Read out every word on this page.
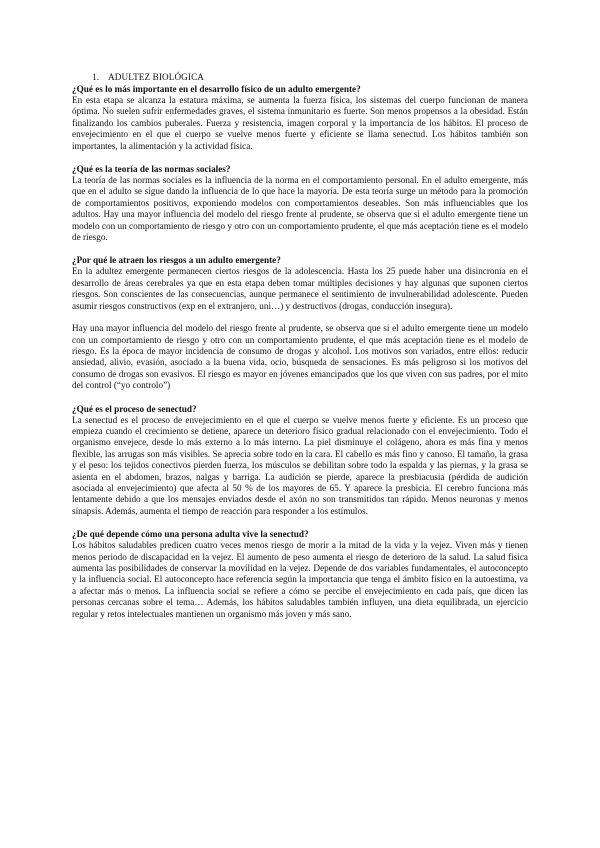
1. ADULTEZ BIOLÓGICA

¿Qué es lo más importante en el desarrollo físico de un adulto emergente?

En esta etapa se alcanza la estatura máxima, se aumenta la fuerza física, los sistemas del cuerpo funcionan de manera óptima. No suelen sufrir enfermedades graves, el sistema inmunitario es fuerte. Son menos propensos a la obesidad. Están finalizando los cambios puberales. Fuerza y resistencia, imagen corporal y la importancia de los hábitos. El proceso de envejecimiento en el que el cuerpo se vuelve menos fuerte y eficiente se llama senectud. Los hábitos también son importantes, la alimentación y la actividad física.

¿Qué es la teoría de las normas sociales?

La teoría de las normas sociales es la influencia de la norma en el comportamiento personal. En el adulto emergente, más que en el adulto se sigue dando la influencia de lo que hace la mayoría. De esta teoría surge un método para la promoción de comportamientos positivos, exponiendo modelos con comportamientos deseables. Son más influenciables que los adultos. Hay una mayor influencia del modelo del riesgo frente al prudente, se observa que si el adulto emergente tiene un modelo con un comportamiento de riesgo y otro con un comportamiento prudente, el que más aceptación tiene es el modelo de riesgo.

¿Por qué le atraen los riesgos a un adulto emergente?

En la adultez emergente permanecen ciertos riesgos de la adolescencia. Hasta los 25 puede haber una disincronía en el desarrollo de áreas cerebrales ya que en esta etapa deben tomar múltiples decisiones y hay algunas que suponen ciertos riesgos. Son conscientes de las consecuencias, aunque permanece el sentimiento de invulnerabilidad adolescente. Pueden asumir riesgos constructivos (exp en el extranjero, uni…) y destructivos (drogas, conducción insegura).

Hay una mayor influencia del modelo del riesgo frente al prudente, se observa que si el adulto emergente tiene un modelo con un comportamiento de riesgo y otro con un comportamiento prudente, el que más aceptación tiene es el modelo de riesgo. Es la época de mayor incidencia de consumo de drogas y alcohol. Los motivos son variados, entre ellos: reducir ansiedad, alivio, evasión, asociado a la buena vida, ocio, búsqueda de sensaciones. Es más peligroso si los motivos del consumo de drogas son evasivos. El riesgo es mayor en jóvenes emancipados que los que viven con sus padres, por el mito del control (“yo controlo”)

¿Qué es el proceso de senectud?

La senectud es el proceso de envejecimiento en el que el cuerpo se vuelve menos fuerte y eficiente. Es un proceso que empieza cuando el crecimiento se detiene, aparece un deterioro físico gradual relacionado con el envejecimiento. Todo el organismo envejece, desde lo más externo a lo más interno. La piel disminuye el colágeno, ahora es más fina y menos flexible, las arrugas son más visibles. Se aprecia sobre todo en la cara. El cabello es más fino y canoso. El tamaño, la grasa y el peso: los tejidos conectivos pierden fuerza, los músculos se debilitan sobre todo la espalda y las piernas, y la grasa se asienta en el abdomen, brazos, nalgas y barriga. La audición se pierde, aparece la presbiacusia (pérdida de audición asociada al envejecimiento) que afecta al 50 % de los mayores de 65. Y aparece la presbicia. El cerebro funciona más lentamente debido a que los mensajes enviados desde el axón no son transmitidos tan rápido. Menos neuronas y menos sinapsis. Además, aumenta el tiempo de reacción para responder a los estímulos.

¿De qué depende cómo una persona adulta vive la senectud?

Los hábitos saludables predicen cuatro veces menos riesgo de morir a la mitad de la vida y la vejez. Viven más y tienen menos periodo de discapacidad en la vejez. El aumento de peso aumenta el riesgo de deterioro de la salud. La salud física aumenta las posibilidades de conservar la movilidad en la vejez. Depende de dos variables fundamentales, el autoconcepto y la influencia social. El autoconcepto hace referencia según la importancia que tenga el ámbito físico en la autoestima, va a afectar más o menos. La influencia social se refiere a cómo se percibe el envejecimiento en cada país, que dicen las personas cercanas sobre el tema… Además, los hábitos saludables también influyen, una dieta equilibrada, un ejercicio regular y retos intelectuales mantienen un organismo más joven y más sano.
